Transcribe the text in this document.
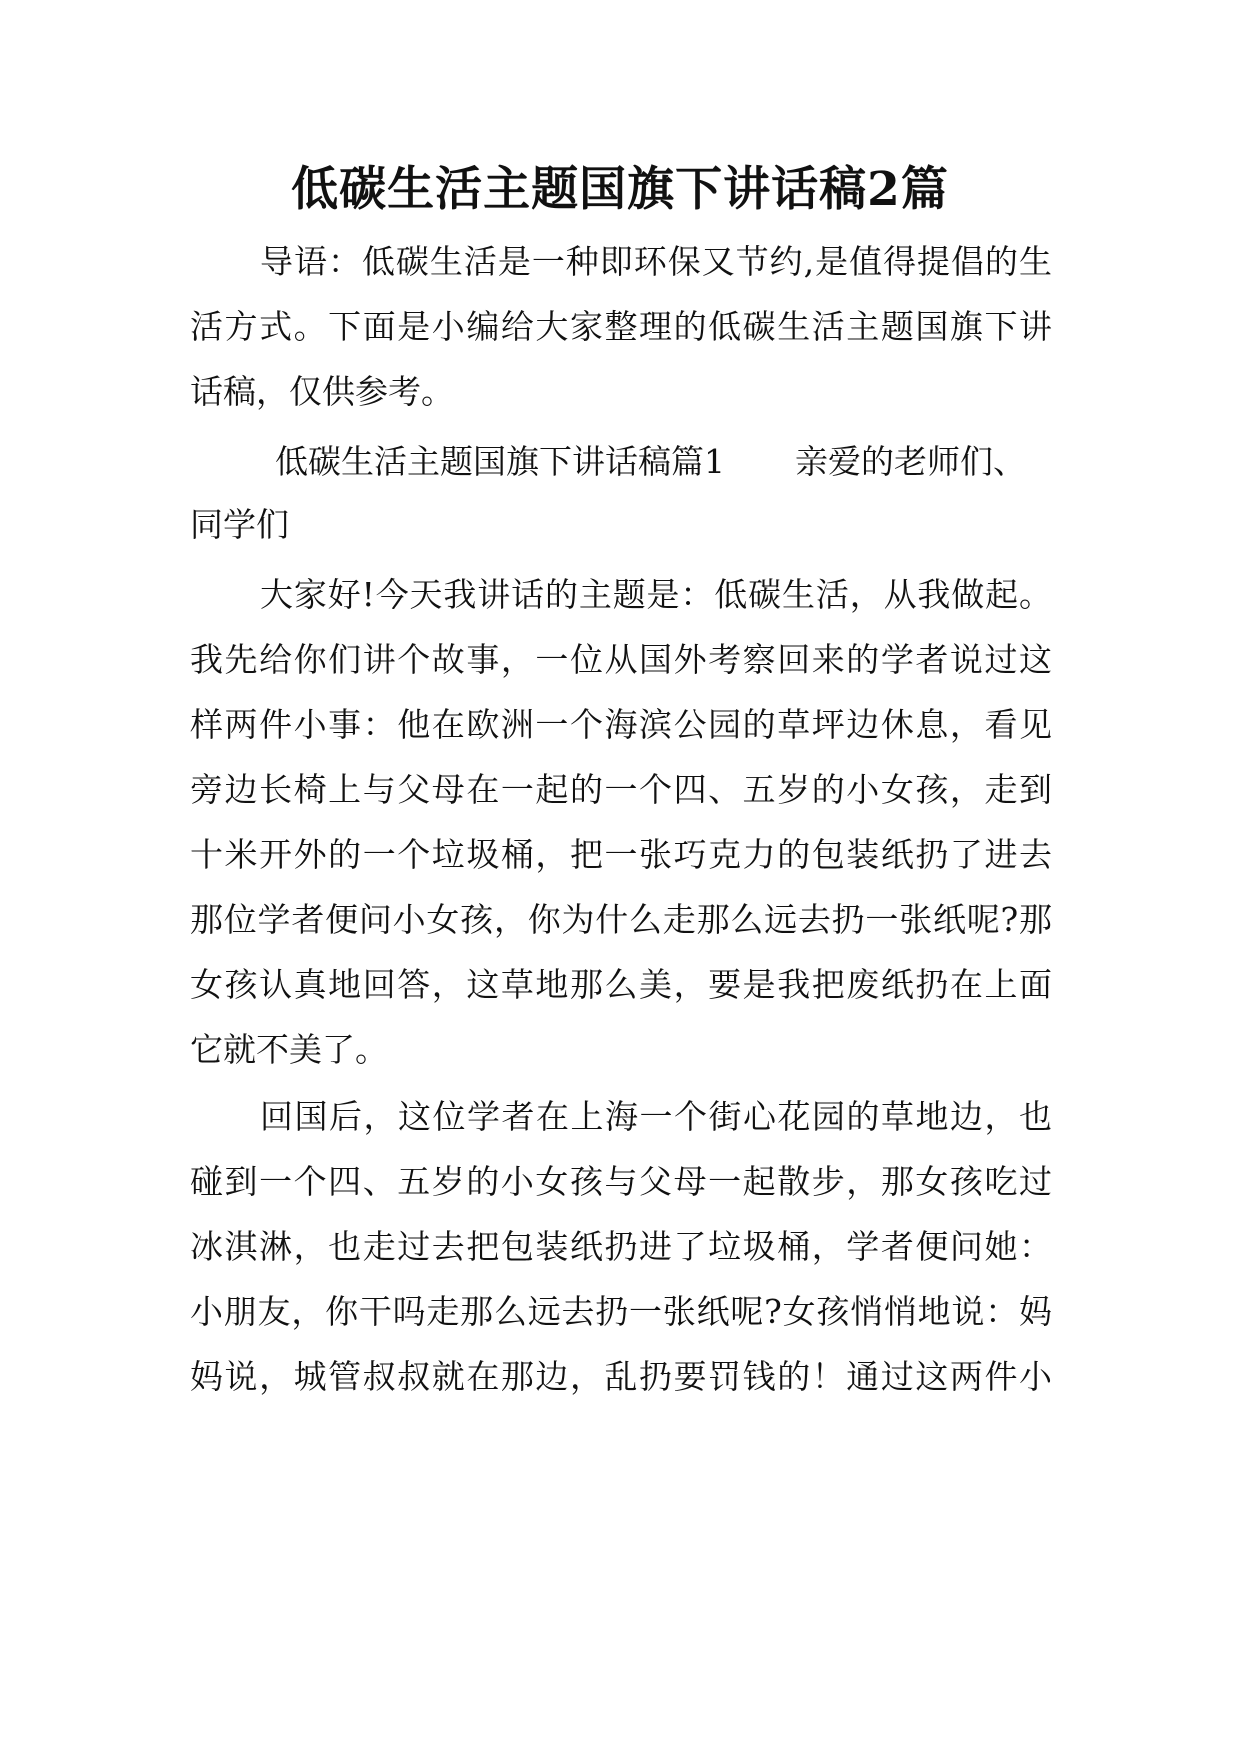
低碳生活主题国旗下讲话稿2篇
导语：低碳生活是一种即环保又节约,是值得提倡的生
活方式。下面是小编给大家整理的低碳生活主题国旗下讲
话稿，仅供参考。
低碳生活主题国旗下讲话稿篇1 亲爱的老师们、
同学们
大家好!今天我讲话的主题是：低碳生活，从我做起。
我先给你们讲个故事，一位从国外考察回来的学者说过这
样两件小事：他在欧洲一个海滨公园的草坪边休息，看见
旁边长椅上与父母在一起的一个四、五岁的小女孩，走到
十米开外的一个垃圾桶，把一张巧克力的包装纸扔了进去
那位学者便问小女孩，你为什么走那么远去扔一张纸呢?那
女孩认真地回答，这草地那么美，要是我把废纸扔在上面
它就不美了。
回国后，这位学者在上海一个街心花园的草地边，也
碰到一个四、五岁的小女孩与父母一起散步，那女孩吃过
冰淇淋，也走过去把包装纸扔进了垃圾桶，学者便问她：
小朋友，你干吗走那么远去扔一张纸呢?女孩悄悄地说：妈
妈说，城管叔叔就在那边，乱扔要罚钱的！通过这两件小
